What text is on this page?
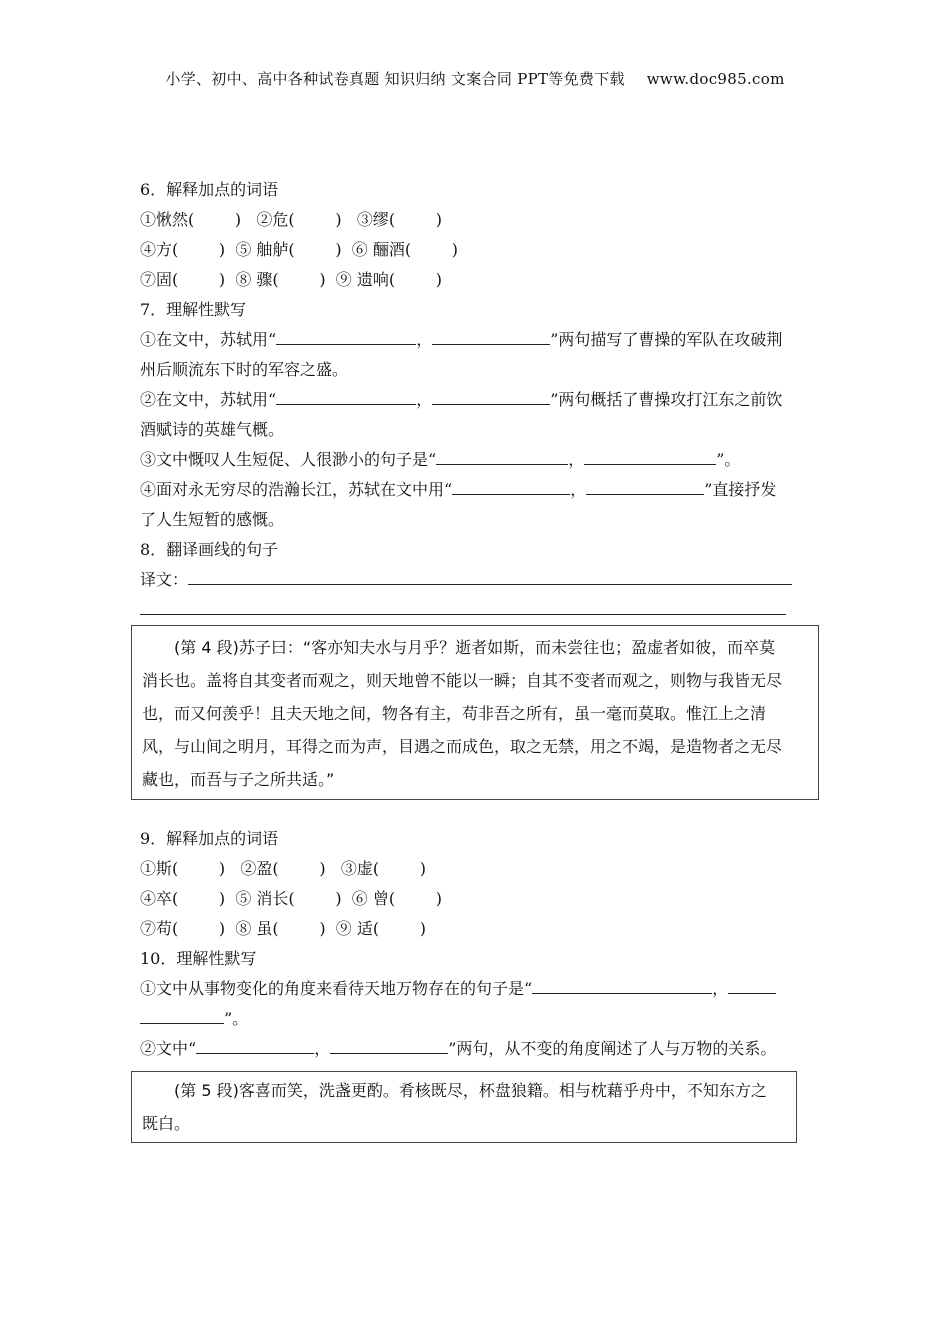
小学、初中、高中各种试卷真题 知识归纳 文案合同 PPT等免费下载 www.doc985.com
6．解释加点的词语
①愀然(        )   ②危(        )   ③缪(        )
④方(        )  ⑤ 舳舻(        )  ⑥ 酾酒(        )
⑦固(        )  ⑧ 骤(        )  ⑨ 遗响(        )
7．理解性默写
①在文中，苏轼用“	，	”两句描写了曹操的军队在攻破荆
州后顺流东下时的军容之盛。
②在文中，苏轼用“	，	”两句概括了曹操攻打江东之前饮
酒赋诗的英雄气概。
③文中慨叹人生短促、人很渺小的句子是“	，	”。
④面对永无穷尽的浩瀚长江，苏轼在文中用“	，	”直接抒发
了人生短暂的感慨。
8．翻译画线的句子
译文：

(第 4 段)苏子曰：“客亦知夫水与月乎？逝者如斯，而未尝往也；盈虚者如彼，而卒莫

消长也。盖将自其变者而观之，则天地曾不能以一瞬；自其不变者而观之，则物与我皆无尽

也，而又何羡乎！且夫天地之间，物各有主，苟非吾之所有，虽一毫而莫取。惟江上之清

风，与山间之明月，耳得之而为声，目遇之而成色，取之无禁，用之不竭，是造物者之无尽

藏也，而吾与子之所共适。”

9．解释加点的词语
①斯(        )   ②盈(        )   ③虚(        )
④卒(        )  ⑤ 消长(        )  ⑥ 曾(        )
⑦苟(        )  ⑧ 虽(        )  ⑨ 适(        )
10．理解性默写
①文中从事物变化的角度来看待天地万物存在的句子是“	，
”。
②文中“	，	”两句，从不变的角度阐述了人与万物的关系。

(第 5 段)客喜而笑，洗盏更酌。肴核既尽，杯盘狼籍。相与枕藉乎舟中，不知东方之

既白。
